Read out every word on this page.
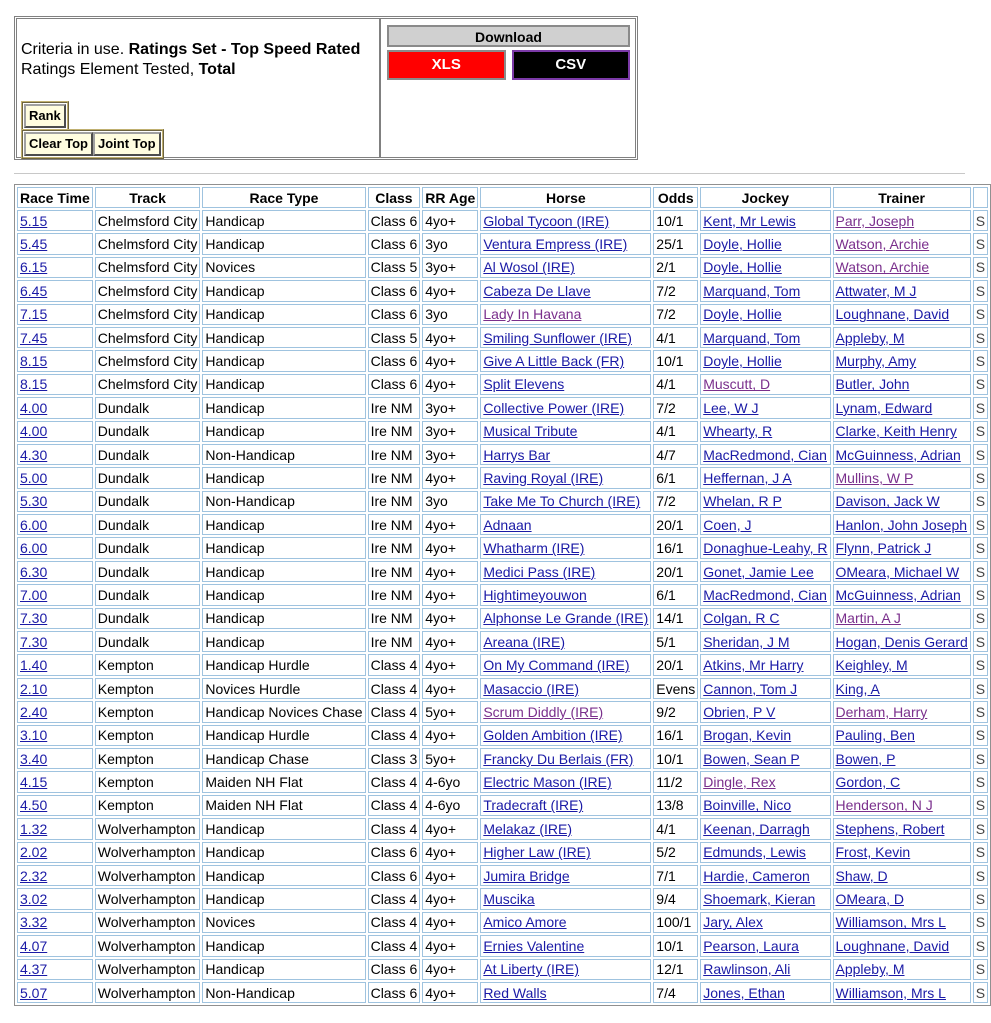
Criteria in use. Ratings Set - Top Speed Rated
Ratings Element Tested, Total
Rank
Clear Top Joint Top
Download
XLS	CSV
Race Time	Track	Race Type	Class	RR Age	Horse	Odds	Jockey	Trainer	
5.15	Chelmsford City	Handicap	Class 6	4yo+	Global Tycoon (IRE)	10/1	Kent, Mr Lewis	Parr, Joseph	S
5.45	Chelmsford City	Handicap	Class 6	3yo	Ventura Empress (IRE)	25/1	Doyle, Hollie	Watson, Archie	S
6.15	Chelmsford City	Novices	Class 5	3yo+	Al Wosol (IRE)	2/1	Doyle, Hollie	Watson, Archie	S
6.45	Chelmsford City	Handicap	Class 6	4yo+	Cabeza De Llave	7/2	Marquand, Tom	Attwater, M J	S
7.15	Chelmsford City	Handicap	Class 6	3yo	Lady In Havana	7/2	Doyle, Hollie	Loughnane, David	S
7.45	Chelmsford City	Handicap	Class 5	4yo+	Smiling Sunflower (IRE)	4/1	Marquand, Tom	Appleby, M	S
8.15	Chelmsford City	Handicap	Class 6	4yo+	Give A Little Back (FR)	10/1	Doyle, Hollie	Murphy, Amy	S
8.15	Chelmsford City	Handicap	Class 6	4yo+	Split Elevens	4/1	Muscutt, D	Butler, John	S
4.00	Dundalk	Handicap	Ire NM	3yo+	Collective Power (IRE)	7/2	Lee, W J	Lynam, Edward	S
4.00	Dundalk	Handicap	Ire NM	3yo+	Musical Tribute	4/1	Whearty, R	Clarke, Keith Henry	S
4.30	Dundalk	Non-Handicap	Ire NM	3yo+	Harrys Bar	4/7	MacRedmond, Cian	McGuinness, Adrian	S
5.00	Dundalk	Handicap	Ire NM	4yo+	Raving Royal (IRE)	6/1	Heffernan, J A	Mullins, W P	S
5.30	Dundalk	Non-Handicap	Ire NM	3yo	Take Me To Church (IRE)	7/2	Whelan, R P	Davison, Jack W	S
6.00	Dundalk	Handicap	Ire NM	4yo+	Adnaan	20/1	Coen, J	Hanlon, John Joseph	S
6.00	Dundalk	Handicap	Ire NM	4yo+	Whatharm (IRE)	16/1	Donaghue-Leahy, R	Flynn, Patrick J	S
6.30	Dundalk	Handicap	Ire NM	4yo+	Medici Pass (IRE)	20/1	Gonet, Jamie Lee	OMeara, Michael W	S
7.00	Dundalk	Handicap	Ire NM	4yo+	Hightimeyouwon	6/1	MacRedmond, Cian	McGuinness, Adrian	S
7.30	Dundalk	Handicap	Ire NM	4yo+	Alphonse Le Grande (IRE)	14/1	Colgan, R C	Martin, A J	S
7.30	Dundalk	Handicap	Ire NM	4yo+	Areana (IRE)	5/1	Sheridan, J M	Hogan, Denis Gerard	S
1.40	Kempton	Handicap Hurdle	Class 4	4yo+	On My Command (IRE)	20/1	Atkins, Mr Harry	Keighley, M	S
2.10	Kempton	Novices Hurdle	Class 4	4yo+	Masaccio (IRE)	Evens	Cannon, Tom J	King, A	S
2.40	Kempton	Handicap Novices Chase	Class 4	5yo+	Scrum Diddly (IRE)	9/2	Obrien, P V	Derham, Harry	S
3.10	Kempton	Handicap Hurdle	Class 4	4yo+	Golden Ambition (IRE)	16/1	Brogan, Kevin	Pauling, Ben	S
3.40	Kempton	Handicap Chase	Class 3	5yo+	Francky Du Berlais (FR)	10/1	Bowen, Sean P	Bowen, P	S
4.15	Kempton	Maiden NH Flat	Class 4	4-6yo	Electric Mason (IRE)	11/2	Dingle, Rex	Gordon, C	S
4.50	Kempton	Maiden NH Flat	Class 4	4-6yo	Tradecraft (IRE)	13/8	Boinville, Nico	Henderson, N J	S
1.32	Wolverhampton	Handicap	Class 4	4yo+	Melakaz (IRE)	4/1	Keenan, Darragh	Stephens, Robert	S
2.02	Wolverhampton	Handicap	Class 6	4yo+	Higher Law (IRE)	5/2	Edmunds, Lewis	Frost, Kevin	S
2.32	Wolverhampton	Handicap	Class 6	4yo+	Jumira Bridge	7/1	Hardie, Cameron	Shaw, D	S
3.02	Wolverhampton	Handicap	Class 4	4yo+	Muscika	9/4	Shoemark, Kieran	OMeara, D	S
3.32	Wolverhampton	Novices	Class 4	4yo+	Amico Amore	100/1	Jary, Alex	Williamson, Mrs L	S
4.07	Wolverhampton	Handicap	Class 4	4yo+	Ernies Valentine	10/1	Pearson, Laura	Loughnane, David	S
4.37	Wolverhampton	Handicap	Class 6	4yo+	At Liberty (IRE)	12/1	Rawlinson, Ali	Appleby, M	S
5.07	Wolverhampton	Non-Handicap	Class 6	4yo+	Red Walls	7/4	Jones, Ethan	Williamson, Mrs L	S
